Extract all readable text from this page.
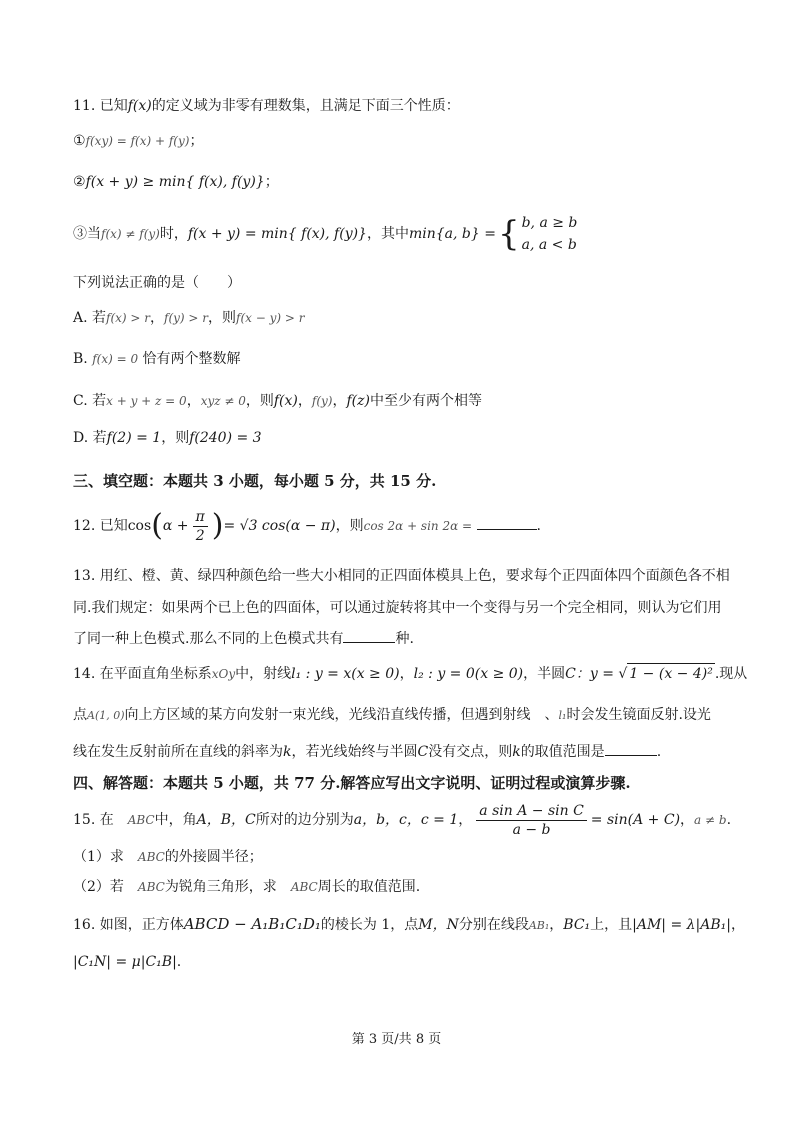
11. 已知f(x)的定义域为非零有理数集，且满足下面三个性质：
①f(xy) = f(x) + f(y)；
②f(x + y) ≥ min{ f(x), f(y)}；
③当f(x) ≠ f(y)时，f(x + y) = min{ f(x), f(y)}，其中min{a, b} ={ b, a ≥ b
a, a < b
下列说法正确的是（　　）
A. 若f(x) > r，f(y) > r，则f(x − y) > r
B. f(x) = 0 恰有两个整数解
C. 若x + y + z = 0，xyz ≠ 0，则f(x)，f(y)，f(z)中至少有两个相等
D. 若f(2) = 1，则f(240) = 3
三、填空题：本题共 3 小题，每小题 5 分，共 15 分.
12. 已知$\cos(\alpha + \frac{\pi}{2}$ )= √3 cos(α − π)，则cos 2α + sin 2α =	.
13. 用红、橙、黄、绿四种颜色给一些大小相同的正四面体模具上色，要求每个正四面体四个面颜色各不相
同.我们规定：如果两个已上色的四面体，可以通过旋转将其中一个变得与另一个完全相同，则认为它们用
了同一种上色模式.那么不同的上色模式共有	种.
14. 在平面直角坐标系xOy中，射线l₁ : y = x(x ≥ 0)，l₂ : y = 0(x ≥ 0)，半圆C：y = √ 1 − (x − 4)² .现从
点A(1, 0)向上方区域的某方向发射一束光线，光线沿直线传播，但遇到射线　、l₁时会发生镜面反射.设光
线在发生反射前所在直线的斜率为k，若光线始终与半圆C没有交点，则k的取值范围是	.
四、解答题：本题共 5 小题，共 77 分.解答应写出文字说明、证明过程或演算步骤.
15. 在　 ABC中，角A，B，C所对的边分别为a，b，c，c = 1， $\frac{\text{a sin A − sin C}}{a - b} = \sin(A + C)$，a ≠ b.
（1）求　 ABC的外接圆半径；
（2）若　 ABC为锐角三角形，求　 ABC周长的取值范围.
16. 如图，正方体ABCD − A₁B₁C₁D₁的棱长为 1，点M，N分别在线段AB₁，BC₁上，且|AM| = λ|AB₁|，
|C₁N| = μ|C₁B|.
第 3 页/共 8 页
